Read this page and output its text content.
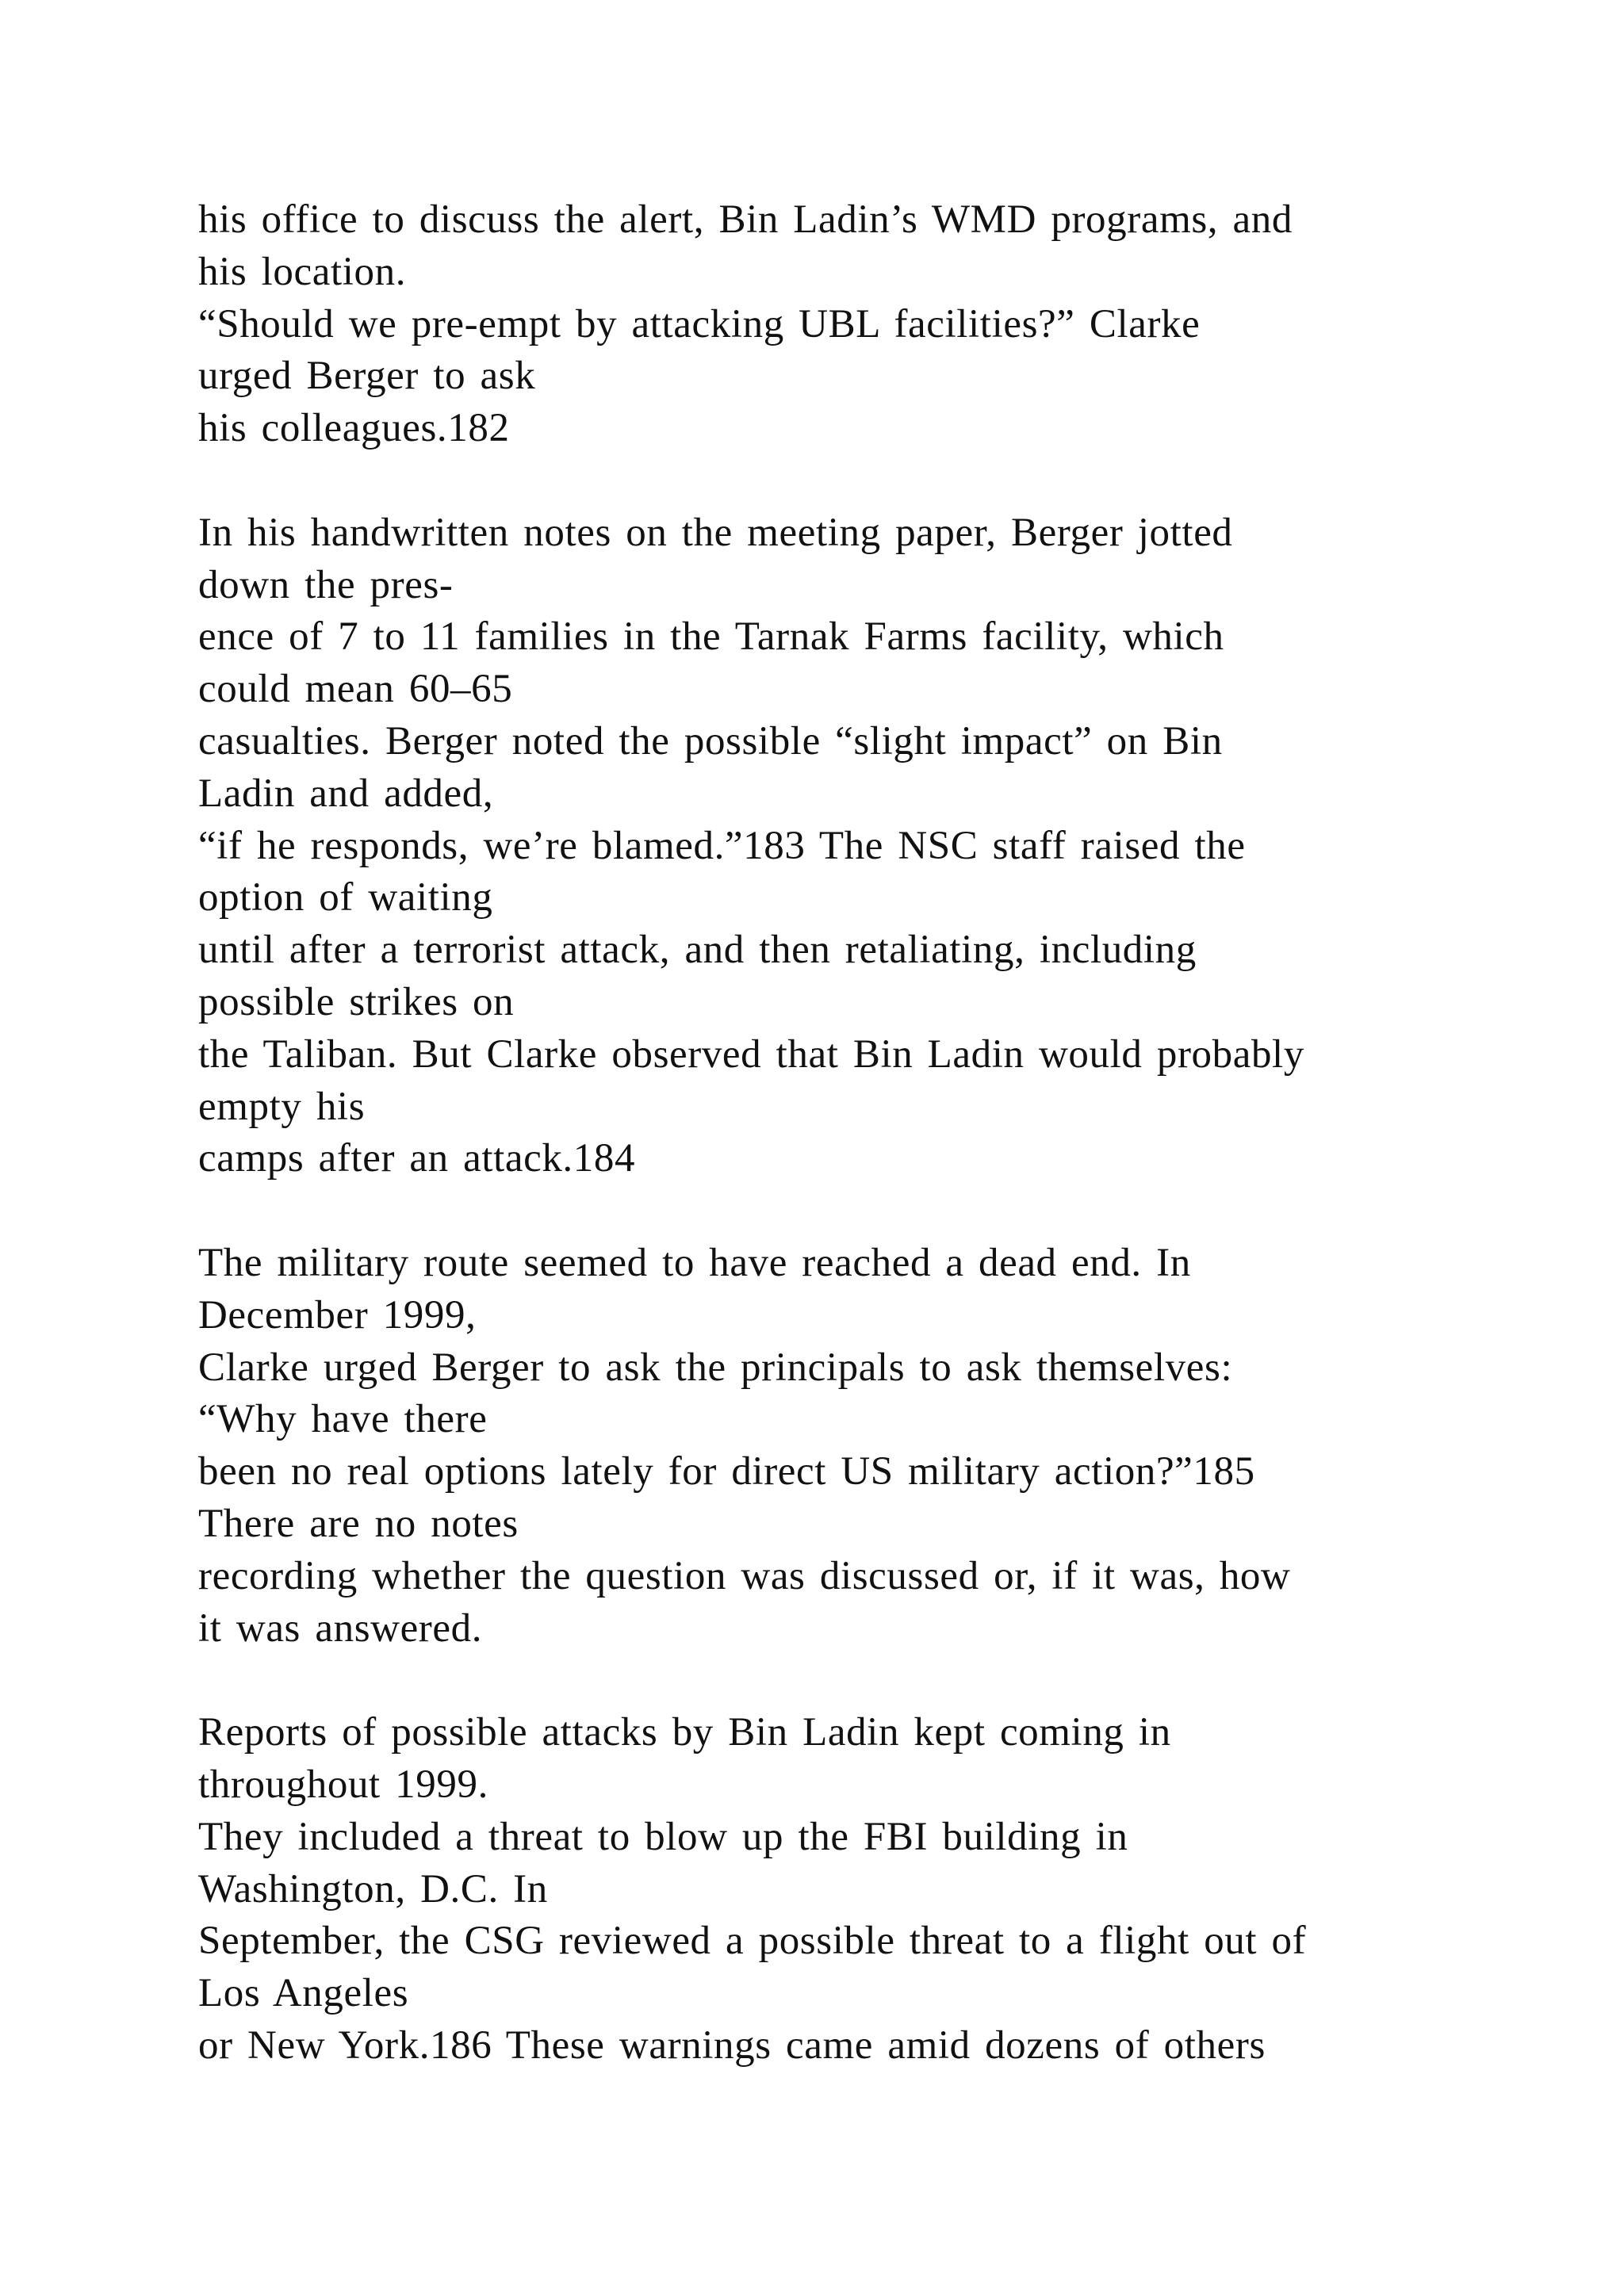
his office to discuss the alert, Bin Ladin’s WMD programs, and
his location.
“Should we pre-empt by attacking UBL facilities?” Clarke
urged Berger to ask
his colleagues.182
In his handwritten notes on the meeting paper, Berger jotted
down the pres-
ence of 7 to 11 families in the Tarnak Farms facility, which
could mean 60–65
casualties. Berger noted the possible “slight impact” on Bin
Ladin and added,
“if he responds, we’re blamed.”183 The NSC staff raised the
option of waiting
until after a terrorist attack, and then retaliating, including
possible strikes on
the Taliban. But Clarke observed that Bin Ladin would probably
empty his
camps after an attack.184
The military route seemed to have reached a dead end. In
December 1999,
Clarke urged Berger to ask the principals to ask themselves:
“Why have there
been no real options lately for direct US military action?”185
There are no notes
recording whether the question was discussed or, if it was, how
it was answered.
Reports of possible attacks by Bin Ladin kept coming in
throughout 1999.
They included a threat to blow up the FBI building in
Washington, D.C. In
September, the CSG reviewed a possible threat to a flight out of
Los Angeles
or New York.186 These warnings came amid dozens of others
